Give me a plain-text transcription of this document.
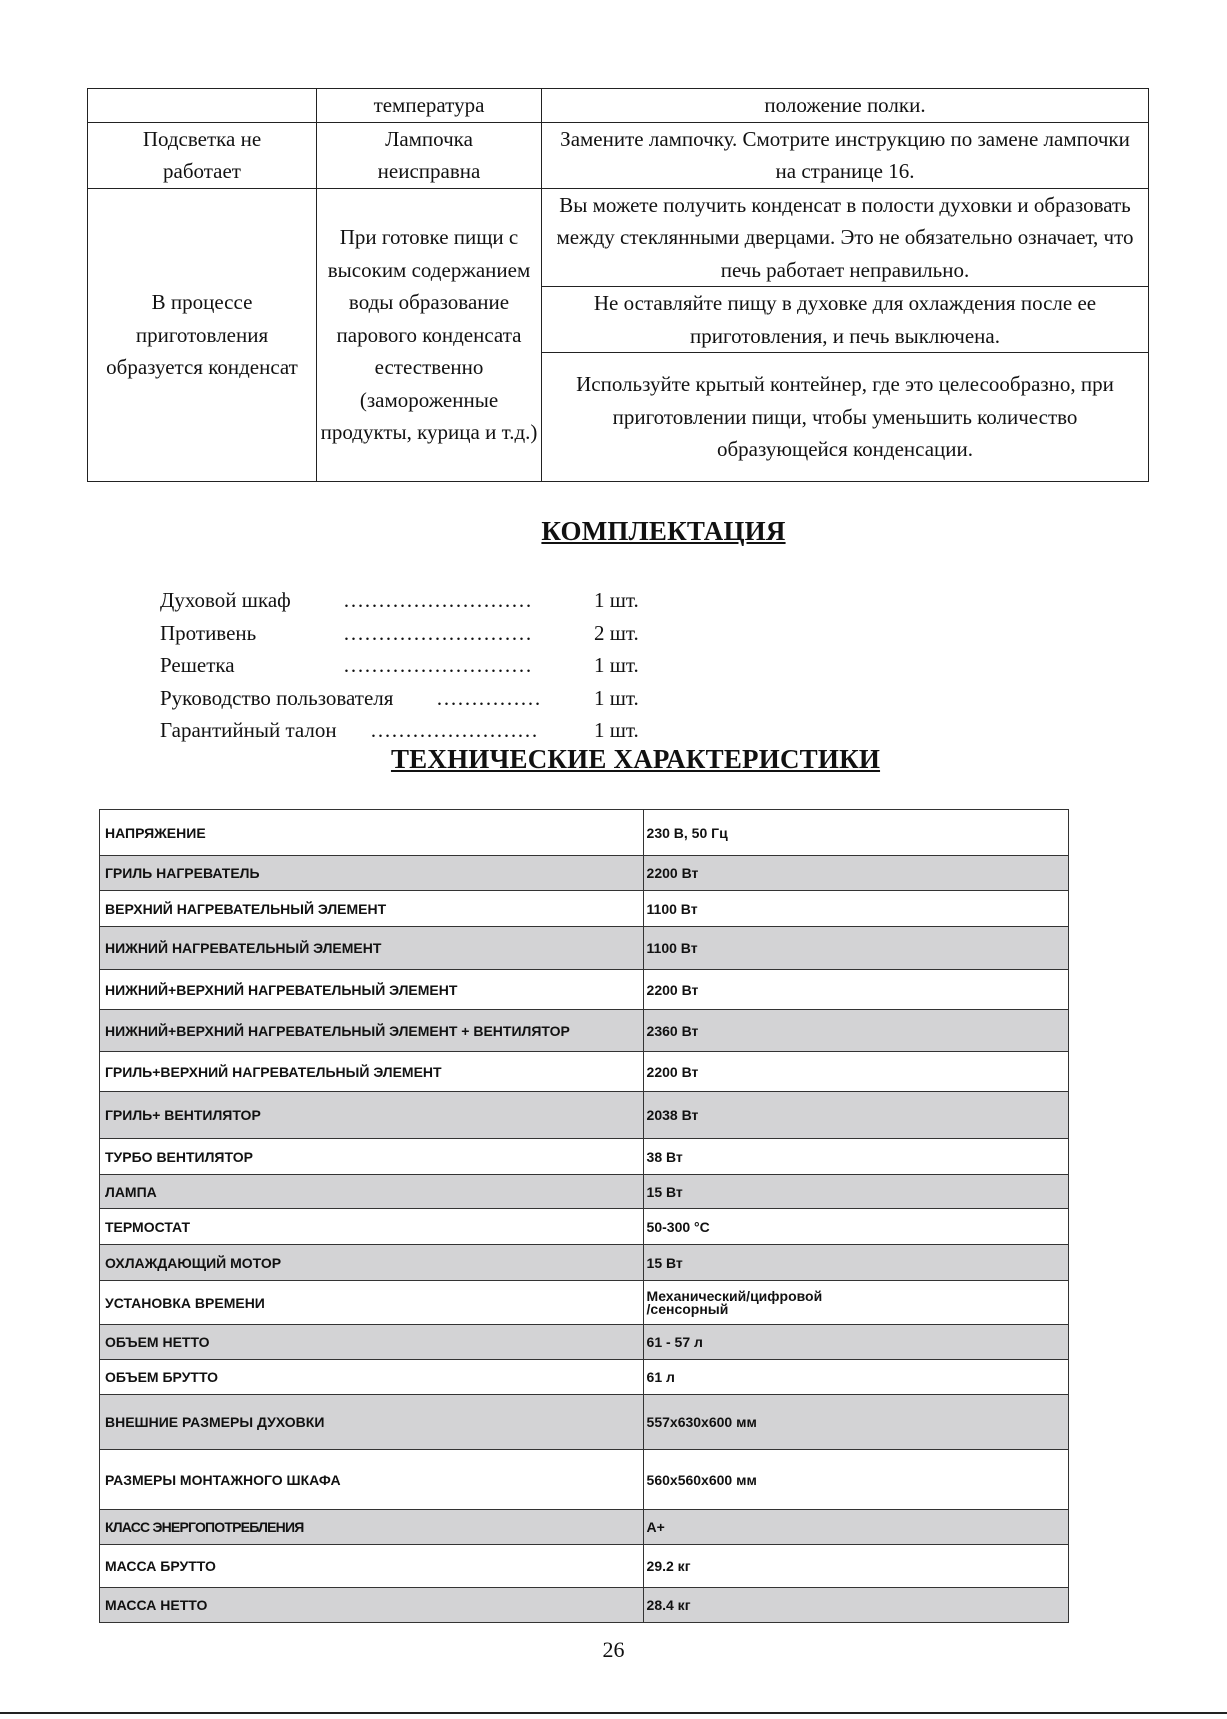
	температура	положение полки.
Подсветка не работает	Лампочка неисправна	Замените лампочку. Смотрите инструкцию по замене лампочки на странице 16.
В процессе приготовления образуется конденсат	При готовке пищи с высоким содержанием воды образование парового конденсата естественно (замороженные продукты, курица и т.д.)	Вы можете получить конденсат в полости духовки и образовать между стеклянными дверцами. Это не обязательно означает, что печь работает неправильно.
		Не оставляйте пищу в духовке для охлаждения после ее приготовления, и печь выключена.
		Используйте крытый контейнер, где это целесообразно, при приготовлении пищи, чтобы уменьшить количество образующейся конденсации.
КОМПЛЕКТАЦИЯ
Духовой шкаф ………………………	1 шт.
Противень	………………………	2 шт.
Решетка	………………………	1 шт.
Руководство пользователя ……………	1 шт.
Гарантийный талон ……………………	1 шт.
ТЕХНИЧЕСКИЕ ХАРАКТЕРИСТИКИ
НАПРЯЖЕНИЕ	230 В, 50 Гц
ГРИЛЬ НАГРЕВАТЕЛЬ	2200 Вт
ВЕРХНИЙ НАГРЕВАТЕЛЬНЫЙ ЭЛЕМЕНТ	1100 Вт
НИЖНИЙ НАГРЕВАТЕЛЬНЫЙ ЭЛЕМЕНТ	1100 Вт
НИЖНИЙ+ВЕРХНИЙ НАГРЕВАТЕЛЬНЫЙ ЭЛЕМЕНТ	2200 Вт
НИЖНИЙ+ВЕРХНИЙ НАГРЕВАТЕЛЬНЫЙ ЭЛЕМЕНТ + ВЕНТИЛЯТОР	2360 Вт
ГРИЛЬ+ВЕРХНИЙ НАГРЕВАТЕЛЬНЫЙ ЭЛЕМЕНТ	2200 Вт
ГРИЛЬ+ ВЕНТИЛЯТОР	2038 Вт
ТУРБО ВЕНТИЛЯТОР	38 Вт
ЛАМПА	15 Вт
ТЕРМОСТАТ	50-300 °С
ОХЛАЖДАЮЩИЙ МОТОР	15 Вт
УСТАНОВКА ВРЕМЕНИ	Механический/цифровой
/сенсорный

ОБЪЕМ НЕТТО	61 - 57 л
ОБЪЕМ БРУТТО	61 л
ВНЕШНИЕ РАЗМЕРЫ ДУХОВКИ	557x630x600 мм
РАЗМЕРЫ МОНТАЖНОГО ШКАФА	560x560x600 мм
КЛАСС ЭНЕРГОПОТРЕБЛЕНИЯ	A+
МАССА БРУТТО	29.2 кг
МАССА НЕТТО	28.4 кг
26
